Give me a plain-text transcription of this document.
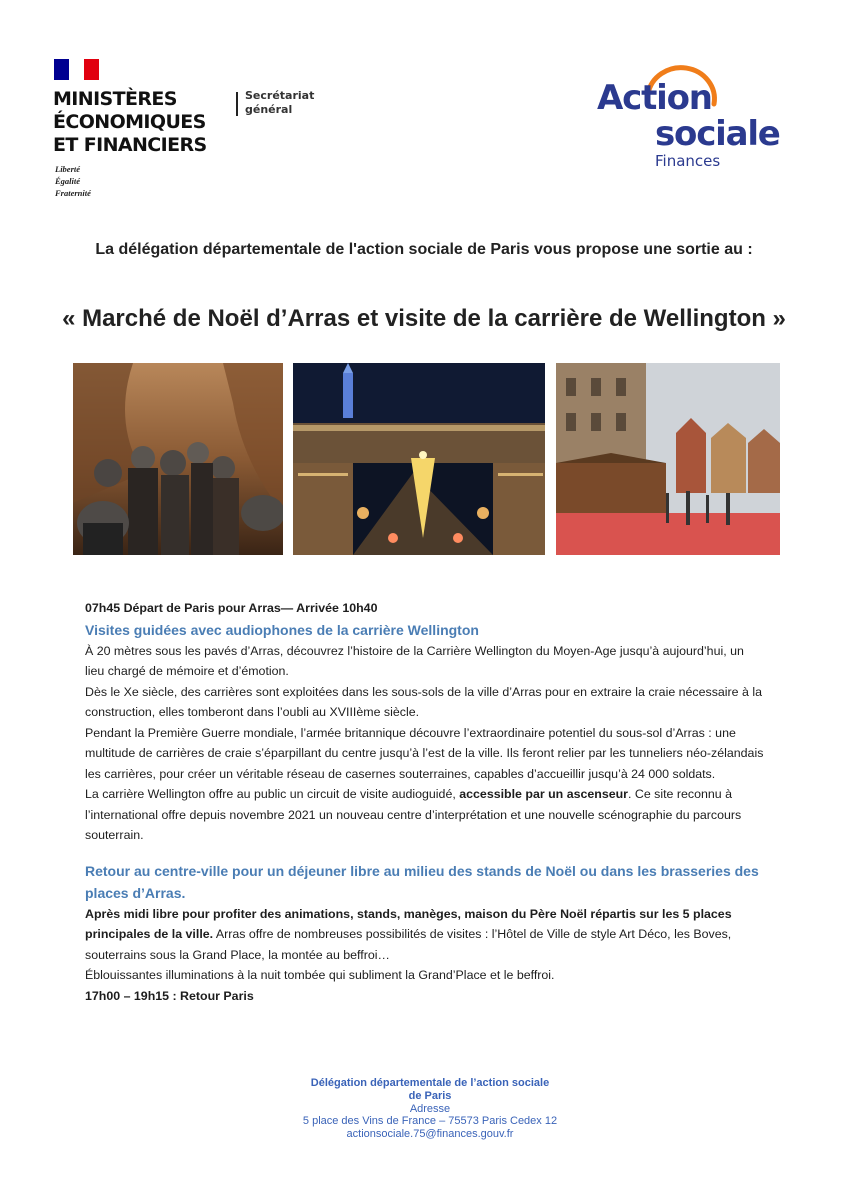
MINISTÈRES
ÉCONOMIQUES
ET FINANCIERS
Liberté
Égalité
Fraternité
Secrétariat
général	Action
sociale
Finances
La délégation départementale de l'action sociale de Paris vous propose une sortie au :
« Marché de Noël d’Arras et visite de la carrière de Wellington »

07h45 Départ de Paris pour Arras— Arrivée 10h40

Visites guidées avec audiophones de la carrière Wellington

À 20 mètres sous les pavés d’Arras, découvrez l’histoire de la Carrière Wellington du Moyen-Age jusqu’à aujourd’hui, un lieu chargé de mémoire et d’émotion.

Dès le Xe siècle, des carrières sont exploitées dans les sous-sols de la ville d’Arras pour en extraire la craie nécessaire à la construction, elles tomberont dans l’oubli au XVIIIème siècle.

Pendant la Première Guerre mondiale, l’armée britannique découvre l’extraordinaire potentiel du sous-sol d’Arras : une multitude de carrières de craie s’éparpillant du centre jusqu’à l’est de la ville. Ils feront relier par les tunneliers néo-zélandais les carrières, pour créer un véritable réseau de casernes souterraines, capables d’accueillir jusqu’à 24 000 soldats.

La carrière Wellington offre au public un circuit de visite audioguidé, accessible par un ascenseur. Ce site reconnu à l’international offre depuis novembre 2021 un nouveau centre d’interprétation et une nouvelle scénographie du parcours souterrain.

Retour au centre-ville pour un déjeuner libre au milieu des stands de Noël ou dans les brasseries des places d’Arras.

Après midi libre pour profiter des animations, stands, manèges, maison du Père Noël répartis sur les 5 places principales de la ville. Arras offre de nombreuses possibilités de visites : l’Hôtel de Ville de style Art Déco, les Boves, souterrains sous la Grand Place, la montée au beffroi…

Éblouissantes illuminations à la nuit tombée qui subliment la Grand’Place et le beffroi.

17h00 – 19h15 : Retour Paris

Délégation départementale de l’action sociale
de Paris
Adresse
5 place des Vins de France – 75573 Paris Cedex 12
actionsociale.75@finances.gouv.fr
